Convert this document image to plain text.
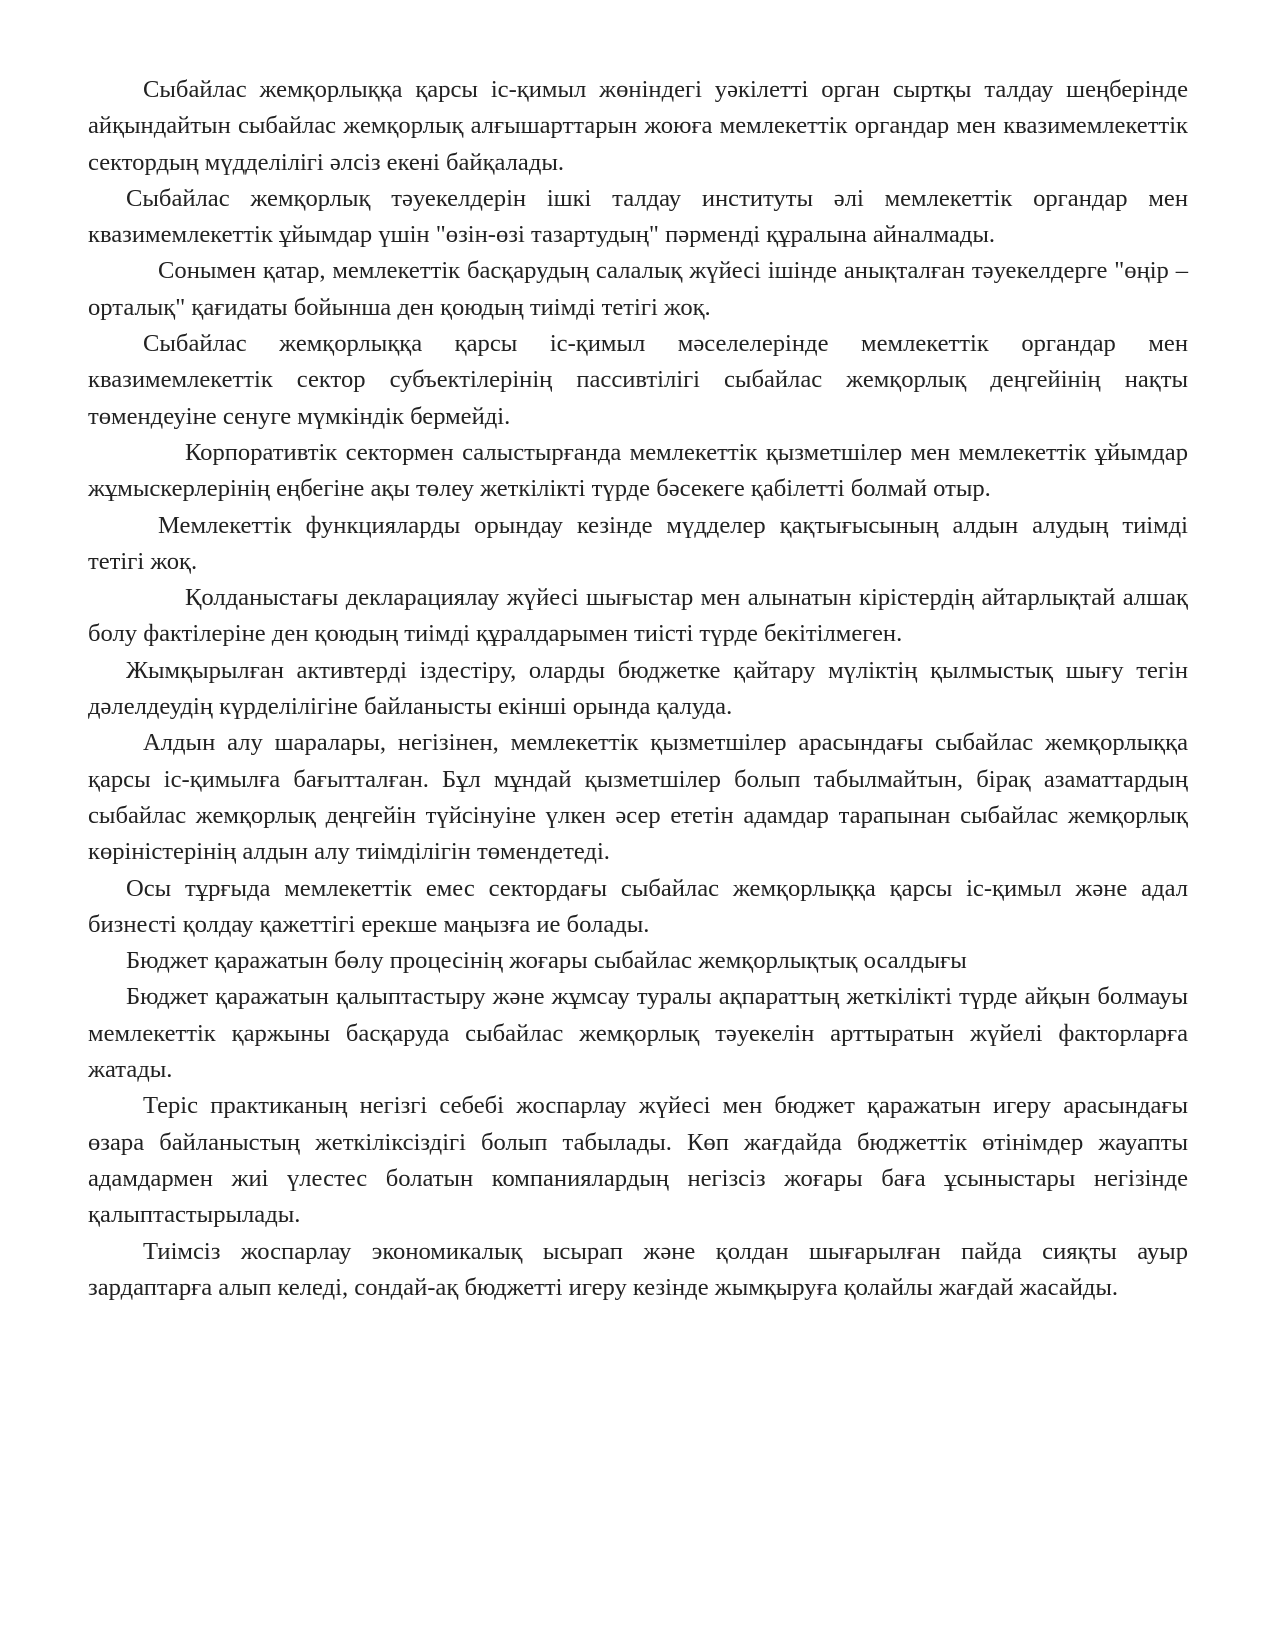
Сыбайлас жемқорлыққа қарсы іс-қимыл жөніндегі уәкілетті орган сыртқы талдау шеңберінде айқындайтын сыбайлас жемқорлық алғышарттарын жоюға мемлекеттік органдар мен квазимемлекеттік сектордың мүдделілігі әлсіз екені байқалады.

Сыбайлас жемқорлық тәуекелдерін ішкі талдау институты әлі мемлекеттік органдар мен квазимемлекеттік ұйымдар үшін "өзін-өзі тазартудың" пәрменді құралына айналмады.

Сонымен қатар, мемлекеттік басқарудың салалық жүйесі ішінде анықталған тәуекелдерге "өңір – орталық" қағидаты бойынша ден қоюдың тиімді тетігі жоқ.

Сыбайлас жемқорлыққа қарсы іс-қимыл мәселелерінде мемлекеттік органдар мен квазимемлекеттік сектор субъектілерінің пассивтілігі сыбайлас жемқорлық деңгейінің нақты төмендеуіне сенуге мүмкіндік бермейді.

Корпоративтік сектормен салыстырғанда мемлекеттік қызметшілер мен мемлекеттік ұйымдар жұмыскерлерінің еңбегіне ақы төлеу жеткілікті түрде бәсекеге қабілетті болмай отыр.

Мемлекеттік функцияларды орындау кезінде мүдделер қақтығысының алдын алудың тиімді тетігі жоқ.

Қолданыстағы декларациялау жүйесі шығыстар мен алынатын кірістердің айтарлықтай алшақ болу фактілеріне ден қоюдың тиімді құралдарымен тиісті түрде бекітілмеген.

Жымқырылған активтерді іздестіру, оларды бюджетке қайтару мүліктің қылмыстық шығу тегін дәлелдеудің күрделілігіне байланысты екінші орында қалуда.

Алдын алу шаралары, негізінен, мемлекеттік қызметшілер арасындағы сыбайлас жемқорлыққа қарсы іс-қимылға бағытталған. Бұл мұндай қызметшілер болып табылмайтын, бірақ азаматтардың сыбайлас жемқорлық деңгейін түйсінуіне үлкен әсер ететін адамдар тарапынан сыбайлас жемқорлық көріністерінің алдын алу тиімділігін төмендетеді.

Осы тұрғыда мемлекеттік емес сектордағы сыбайлас жемқорлыққа қарсы іс-қимыл және адал бизнесті қолдау қажеттігі ерекше маңызға ие болады.

Бюджет қаражатын бөлу процесінің жоғары сыбайлас жемқорлықтық осалдығы

Бюджет қаражатын қалыптастыру және жұмсау туралы ақпараттың жеткілікті түрде айқын болмауы мемлекеттік қаржыны басқаруда сыбайлас жемқорлық тәуекелін арттыратын жүйелі факторларға жатады.

Теріс практиканың негізгі себебі жоспарлау жүйесі мен бюджет қаражатын игеру арасындағы өзара байланыстың жеткіліксіздігі болып табылады. Көп жағдайда бюджеттік өтінімдер жауапты адамдармен жиі үлестес болатын компаниялардың негізсіз жоғары баға ұсыныстары негізінде қалыптастырылады.

Тиімсіз жоспарлау экономикалық ысырап және қолдан шығарылған пайда сияқты ауыр зардаптарға алып келеді, сондай-ақ бюджетті игеру кезінде жымқыруға қолайлы жағдай жасайды.
